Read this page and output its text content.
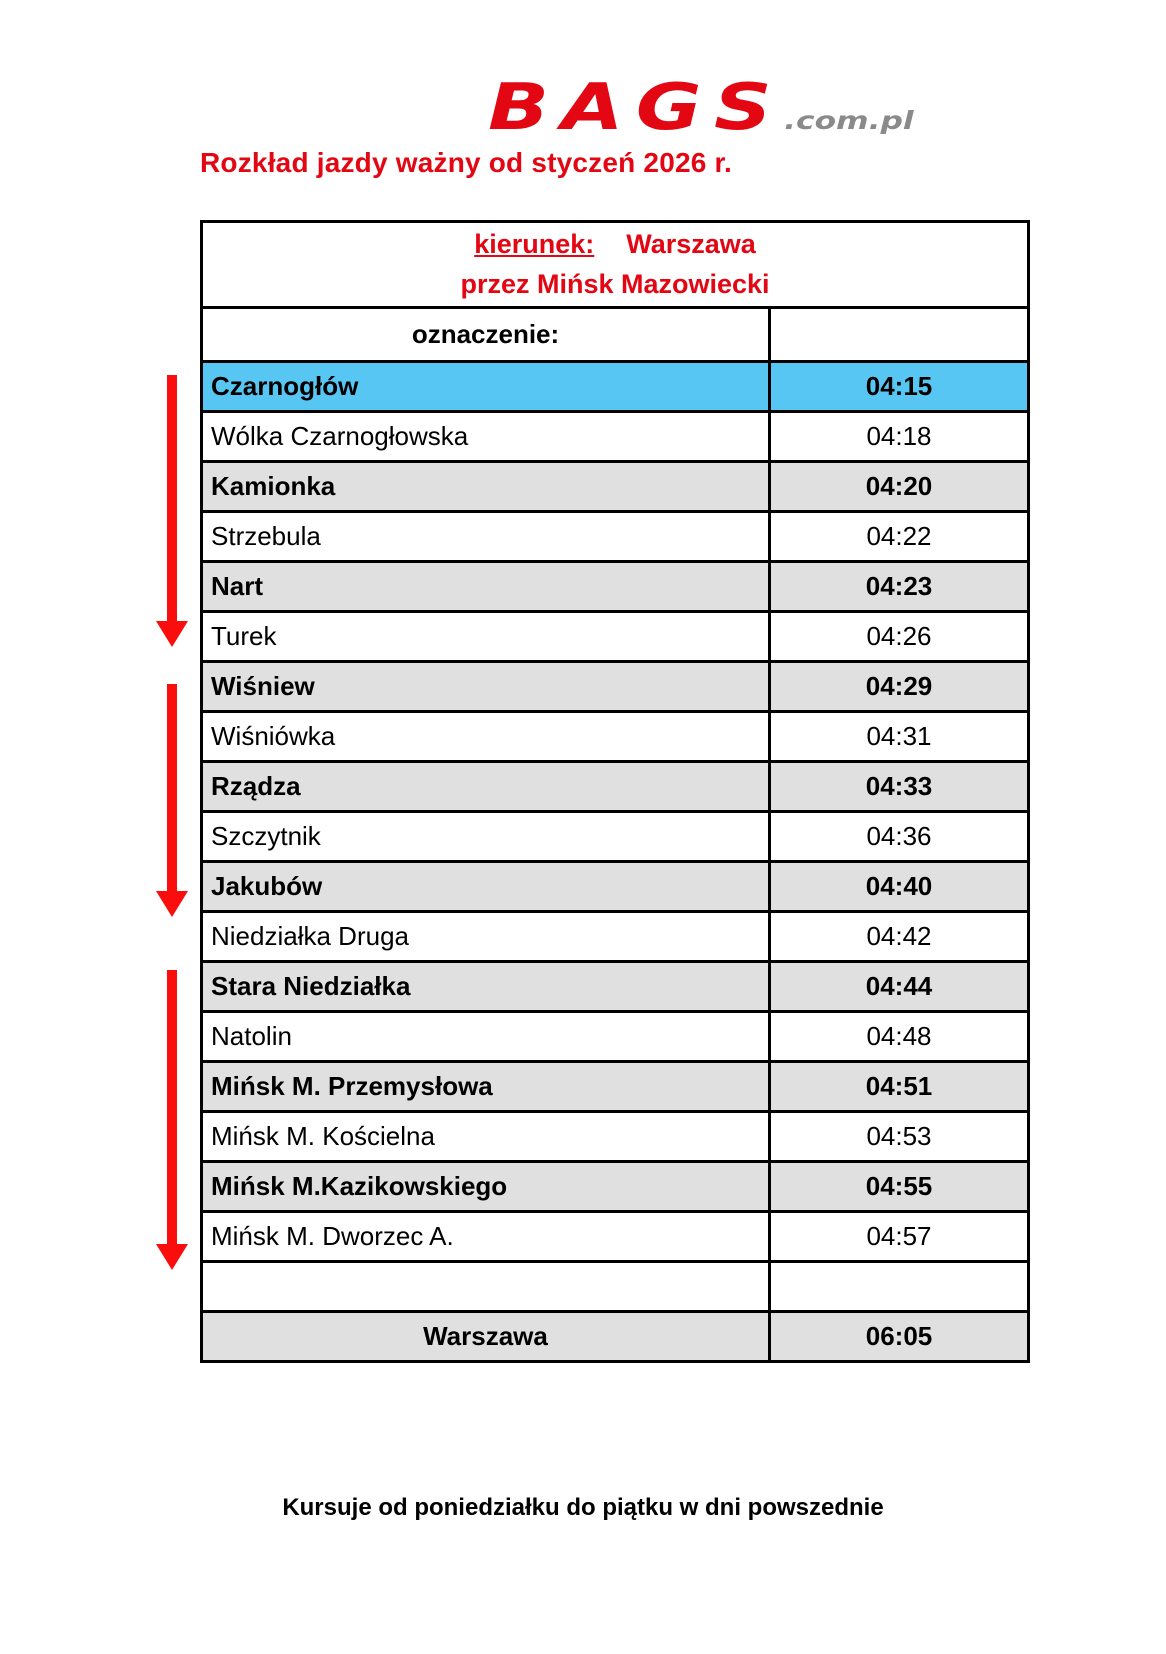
BAGS.com.pl
Rozkład jazdy ważny od styczeń 2026 r.
kierunek: Warszawa
przez Mińsk Mazowiecki	

oznaczenie:	
Czarnogłów	04:15
Wólka Czarnogłowska	04:18
Kamionka	04:20
Strzebula	04:22
Nart	04:23
Turek	04:26
Wiśniew	04:29
Wiśniówka	04:31
Rządza	04:33
Szczytnik	04:36
Jakubów	04:40
Niedziałka Druga	04:42
Stara Niedziałka	04:44
Natolin	04:48
Mińsk M. Przemysłowa	04:51
Mińsk M. Kościelna	04:53
Mińsk M.Kazikowskiego	04:55
Mińsk M. Dworzec A.	04:57

Warszawa	06:05

Kursuje od poniedziałku do piątku w dni powszednie
